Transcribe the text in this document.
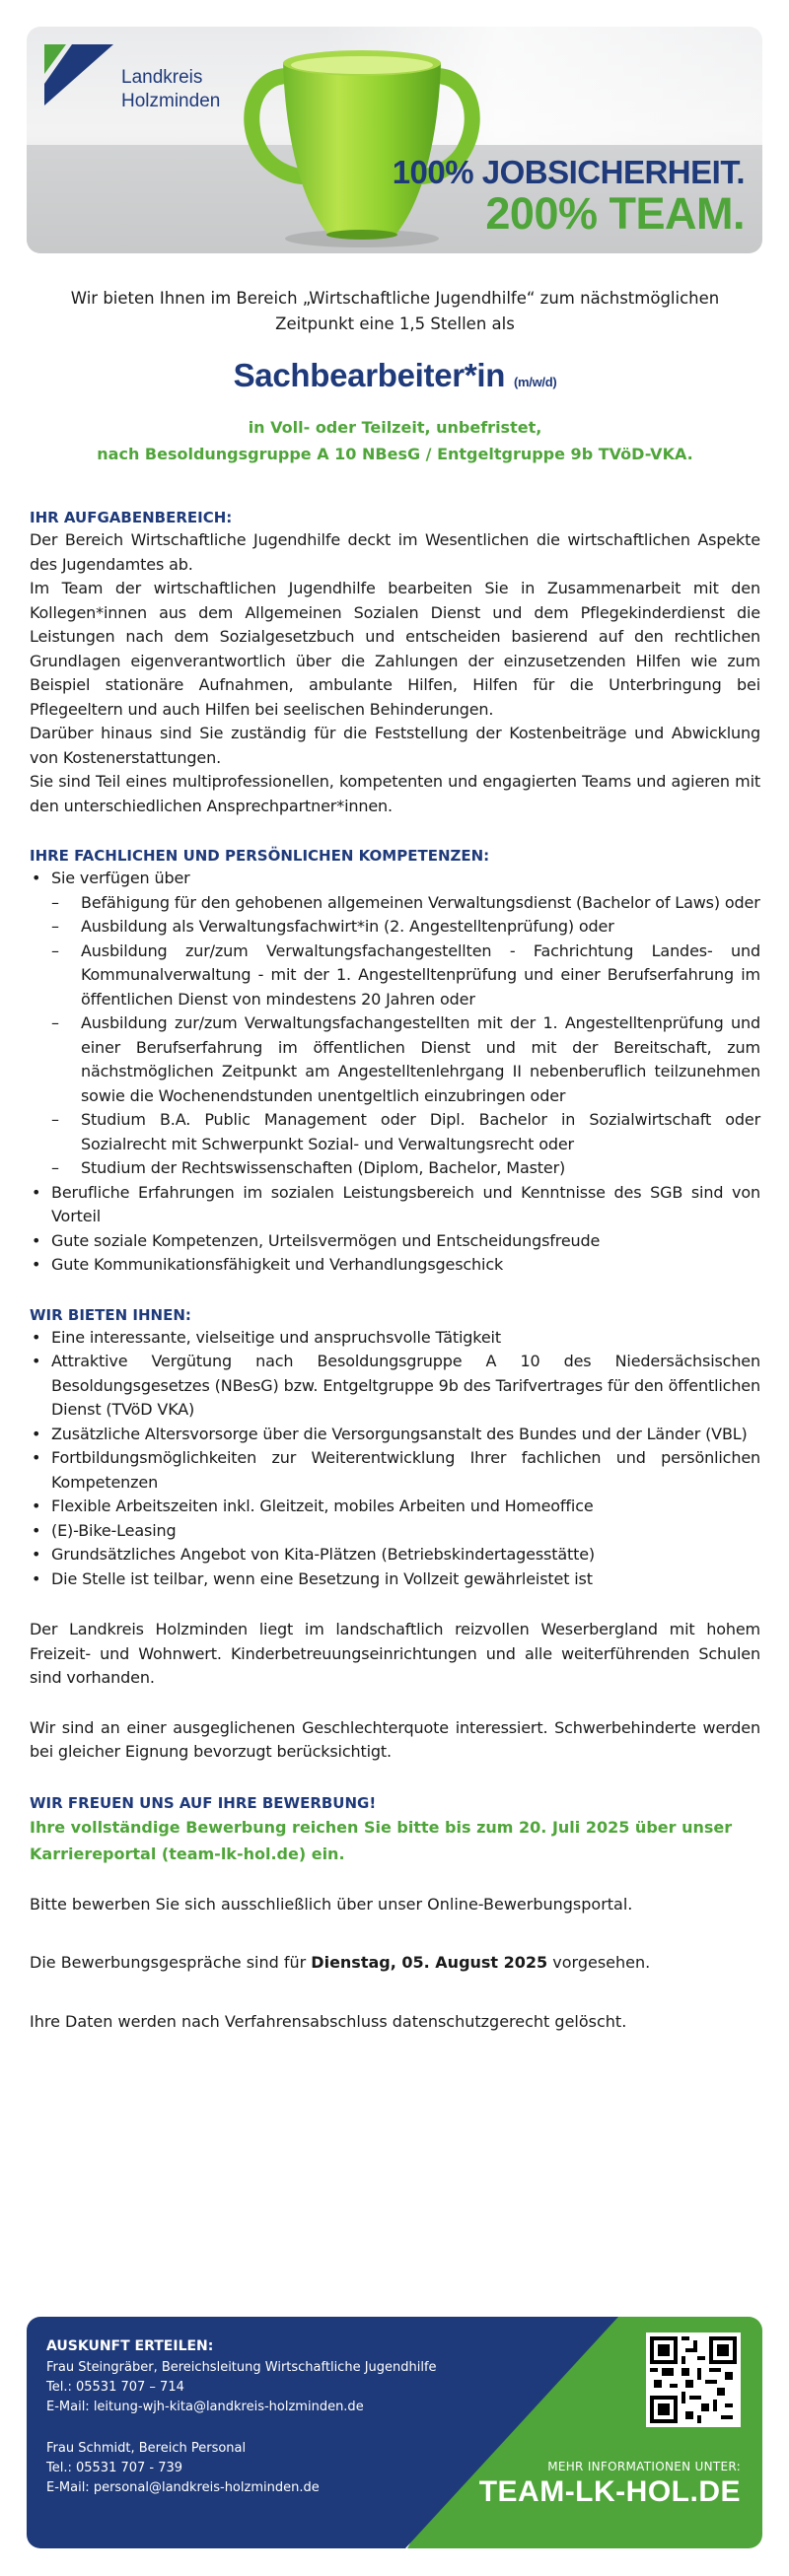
Landkreis
Holzminden
100% JOBSICHERHEIT.
200% TEAM.

Wir bieten Ihnen im Bereich „Wirtschaftliche Jugendhilfe“ zum nächstmöglichen Zeitpunkt eine 1,5 Stellen als

Sachbearbeiter*in (m/w/d)
in Voll- oder Teilzeit, unbefristet,
nach Besoldungsgruppe A 10 NBesG / Entgeltgruppe 9b TVöD-VKA.
IHR AUFGABENBEREICH:

Der Bereich Wirtschaftliche Jugendhilfe deckt im Wesentlichen die wirtschaftlichen Aspekte des Jugendamtes ab.

Im Team der wirtschaftlichen Jugendhilfe bearbeiten Sie in Zusammenarbeit mit den Kollegen*innen aus dem Allgemeinen Sozialen Dienst und dem Pflegekinderdienst die Leistungen nach dem Sozialgesetzbuch und entscheiden basierend auf den rechtlichen Grundlagen eigenverantwortlich über die Zahlungen der einzusetzenden Hilfen wie zum Beispiel stationäre Aufnahmen, ambulante Hilfen, Hilfen für die Unterbringung bei Pflegeeltern und auch Hilfen bei seelischen Behinderungen.

Darüber hinaus sind Sie zuständig für die Feststellung der Kostenbeiträge und Abwicklung von Kostenerstattungen.

Sie sind Teil eines multiprofessionellen, kompetenten und engagierten Teams und agieren mit den unterschiedlichen Ansprechpartner*innen.

IHRE FACHLICHEN UND PERSÖNLICHEN KOMPETENZEN:
• Sie verfügen über
– Befähigung für den gehobenen allgemeinen Verwaltungsdienst (Bachelor of Laws) oder
– Ausbildung als Verwaltungsfachwirt*in (2. Angestelltenprüfung) oder
– Ausbildung zur/zum Verwaltungsfachangestellten - Fachrichtung Landes- und Kommunalverwaltung - mit der 1. Angestelltenprüfung und einer Berufserfahrung im öffentlichen Dienst von mindestens 20 Jahren oder
– Ausbildung zur/zum Verwaltungsfachangestellten mit der 1. Angestelltenprüfung und einer Berufserfahrung im öffentlichen Dienst und mit der Bereitschaft, zum nächstmöglichen Zeitpunkt am Angestelltenlehrgang II nebenberuflich teilzunehmen sowie die Wochenendstunden unentgeltlich einzubringen oder
– Studium B.A. Public Management oder Dipl. Bachelor in Sozialwirtschaft oder Sozialrecht mit Schwerpunkt Sozial- und Verwaltungsrecht oder
– Studium der Rechtswissenschaften (Diplom, Bachelor, Master)
• Berufliche Erfahrungen im sozialen Leistungsbereich und Kenntnisse des SGB sind von Vorteil
• Gute soziale Kompetenzen, Urteilsvermögen und Entscheidungsfreude
• Gute Kommunikationsfähigkeit und Verhandlungsgeschick
WIR BIETEN IHNEN:
• Eine interessante, vielseitige und anspruchsvolle Tätigkeit
• Attraktive Vergütung nach Besoldungsgruppe A 10 des Niedersächsischen Besoldungsgesetzes (NBesG) bzw. Entgeltgruppe 9b des Tarifvertrages für den öffentlichen Dienst (TVöD VKA)
• Zusätzliche Altersvorsorge über die Versorgungsanstalt des Bundes und der Länder (VBL)
• Fortbildungsmöglichkeiten zur Weiterentwicklung Ihrer fachlichen und persönlichen Kompetenzen
• Flexible Arbeitszeiten inkl. Gleitzeit, mobiles Arbeiten und Homeoffice
• (E)-Bike-Leasing
• Grundsätzliches Angebot von Kita-Plätzen (Betriebskindertagesstätte)
• Die Stelle ist teilbar, wenn eine Besetzung in Vollzeit gewährleistet ist

Der Landkreis Holzminden liegt im landschaftlich reizvollen Weserbergland mit hohem Freizeit- und Wohnwert. Kinderbetreuungseinrichtungen und alle weiterführenden Schulen sind vorhanden.

Wir sind an einer ausgeglichenen Geschlechterquote interessiert. Schwerbehinderte werden bei gleicher Eignung bevorzugt berücksichtigt.

WIR FREUEN UNS AUF IHRE BEWERBUNG!

Ihre vollständige Bewerbung reichen Sie bitte bis zum 20. Juli 2025 über unser Karriereportal (team-lk-hol.de) ein.

Bitte bewerben Sie sich ausschließlich über unser Online-Bewerbungsportal.

Die Bewerbungsgespräche sind für Dienstag, 05. August 2025 vorgesehen.

Ihre Daten werden nach Verfahrensabschluss datenschutzgerecht gelöscht.

AUSKUNFT ERTEILEN:
Frau Steingräber, Bereichsleitung Wirtschaftliche Jugendhilfe
Tel.: 05531 707 – 714
E-Mail: leitung-wjh-kita@landkreis-holzminden.de
Frau Schmidt, Bereich Personal
Tel.: 05531 707 - 739
E-Mail: personal@landkreis-holzminden.de
MEHR INFORMATIONEN UNTER:
TEAM-LK-HOL.DE
